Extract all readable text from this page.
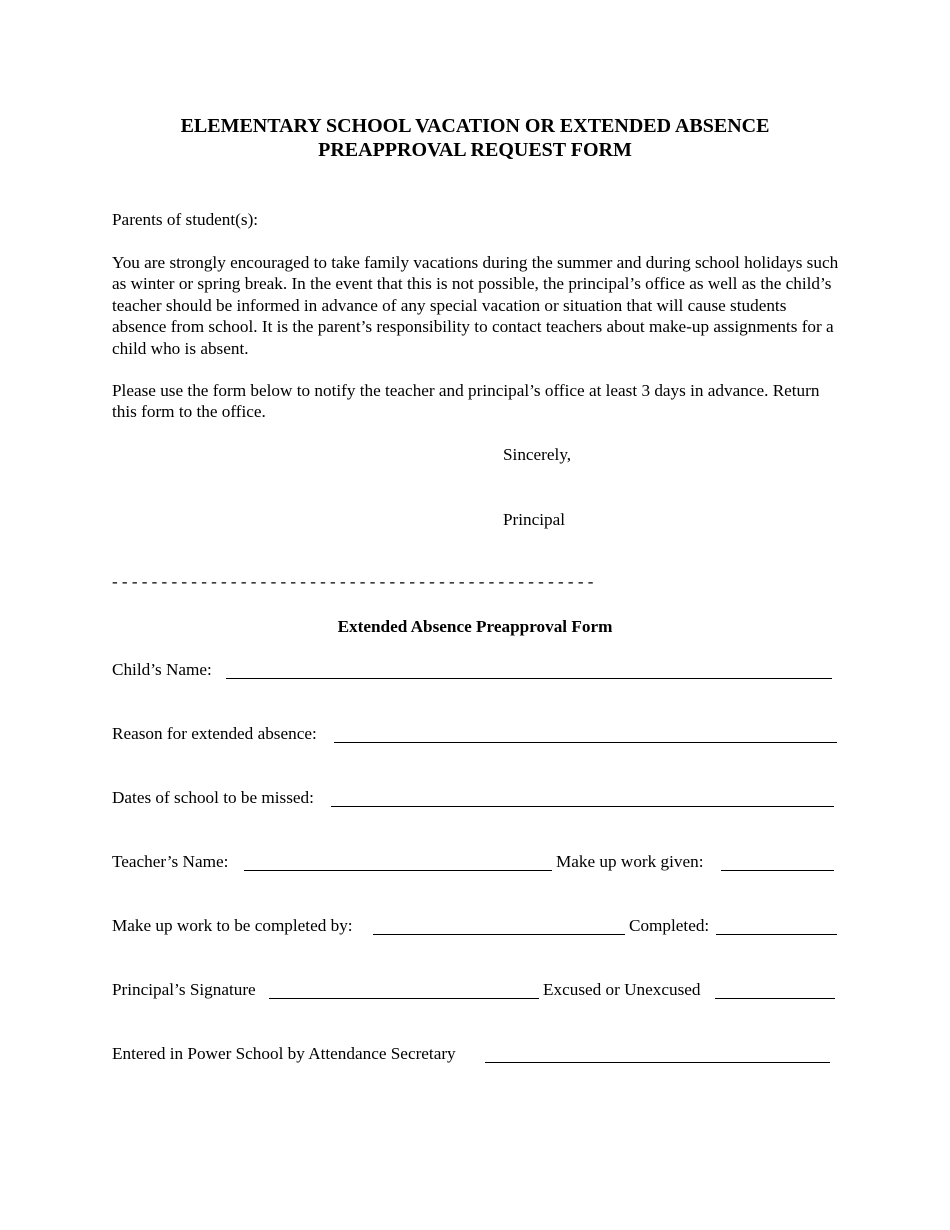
ELEMENTARY SCHOOL VACATION OR EXTENDED ABSENCE
PREAPPROVAL REQUEST FORM

Parents of student(s):

You are strongly encouraged to take family vacations during the summer and during school holidays such as winter or spring break. In the event that this is not possible, the principal’s office as well as the child’s teacher should be informed in advance of any special vacation or situation that will cause students absence from school. It is the parent’s responsibility to contact teachers about make-up assignments for a child who is absent.

Please use the form below to notify the teacher and principal’s office at least 3 days in advance. Return this form to the office.

Sincerely,

Principal

- - - - - - - - - - - - - - - - - - - - - - - - - - - - - - - - - - - - - - - - - - - - - - - - -
Extended Absence Preapproval Form
Child’s Name:
Reason for extended absence:
Dates of school to be missed:
Teacher’s Name:	Make up work given:
Make up work to be completed by:	Completed:
Principal’s Signature	Excused or Unexcused
Entered in Power School by Attendance Secretary
